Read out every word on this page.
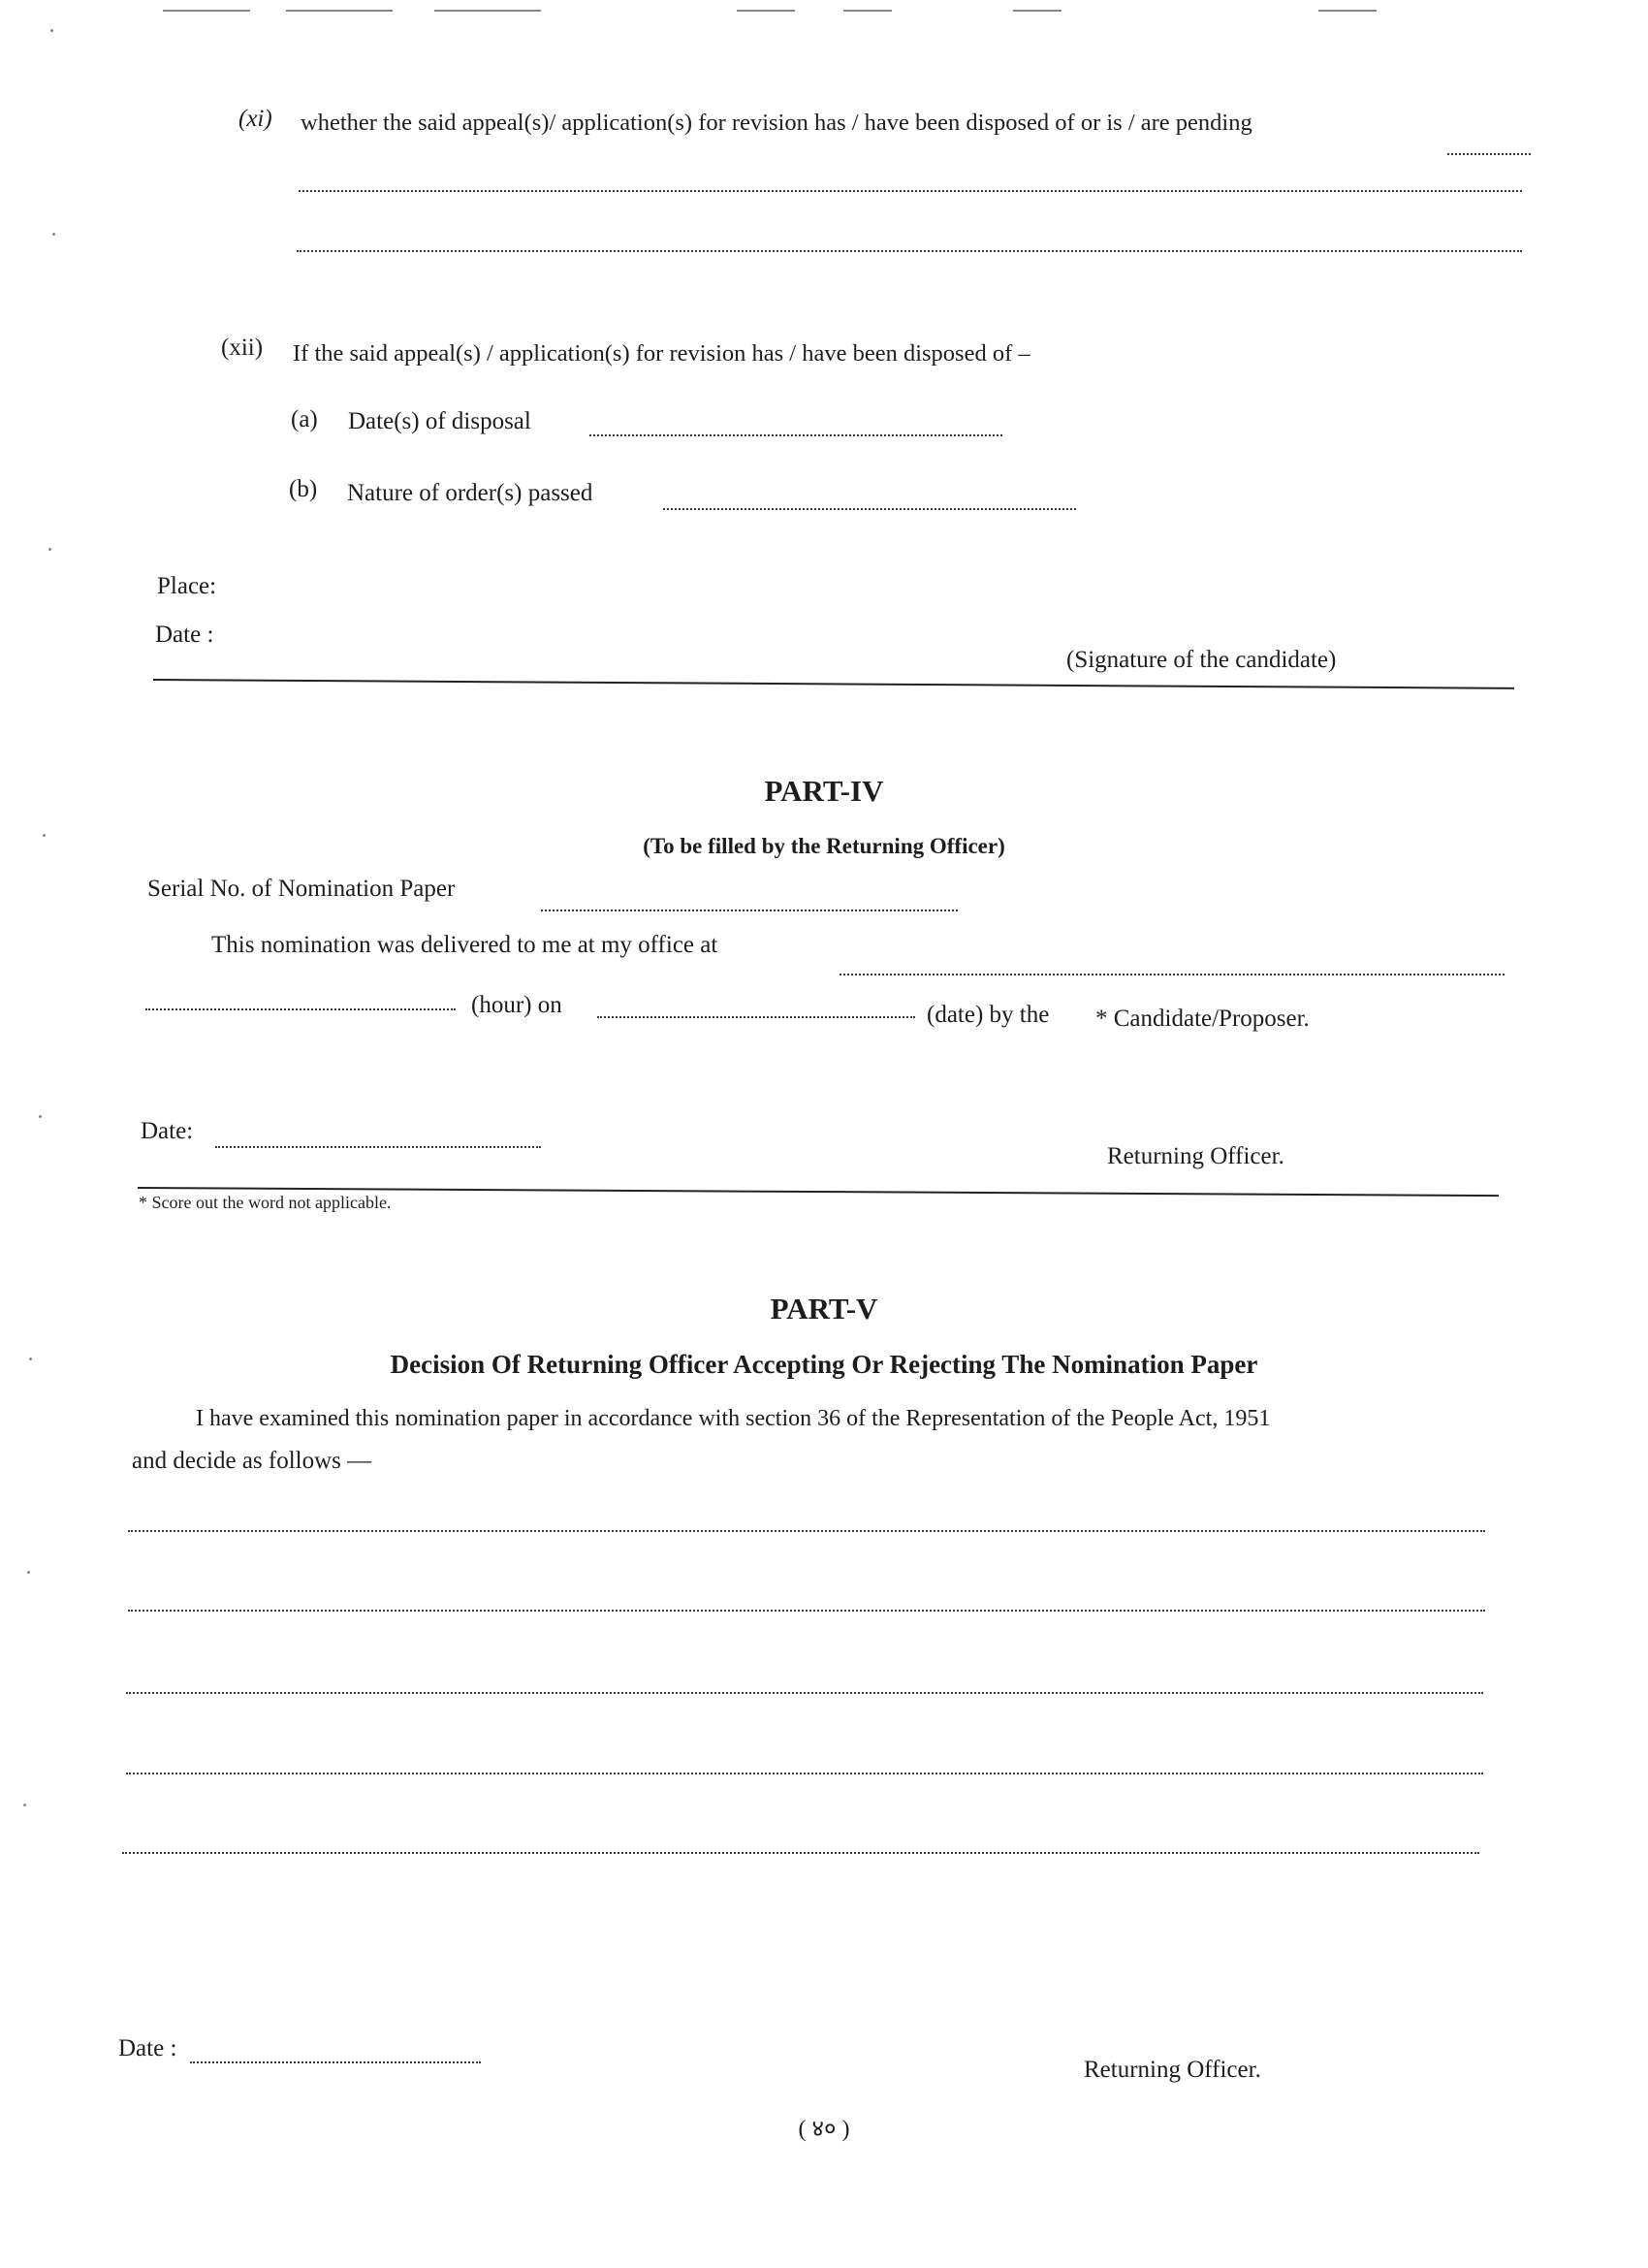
(xi) whether the said appeal(s)/ application(s) for revision has / have been disposed of or is / are pending
(xii) If the said appeal(s) / application(s) for revision has / have been disposed of –
(a) Date(s) of disposal
(b) Nature of order(s) passed
Place:
Date :
(Signature of the candidate)
PART-IV
(To be filled by the Returning Officer)
Serial No. of Nomination Paper
This nomination was delivered to me at my office at
(hour) on	(date) by the * Candidate/Proposer.
Date:
Returning Officer.
* Score out the word not applicable.
PART-V
Decision Of Returning Officer Accepting Or Rejecting The Nomination Paper
I have examined this nomination paper in accordance with section 36 of the Representation of the People Act, 1951
and decide as follows —
Date :
Returning Officer.
( ४० )
